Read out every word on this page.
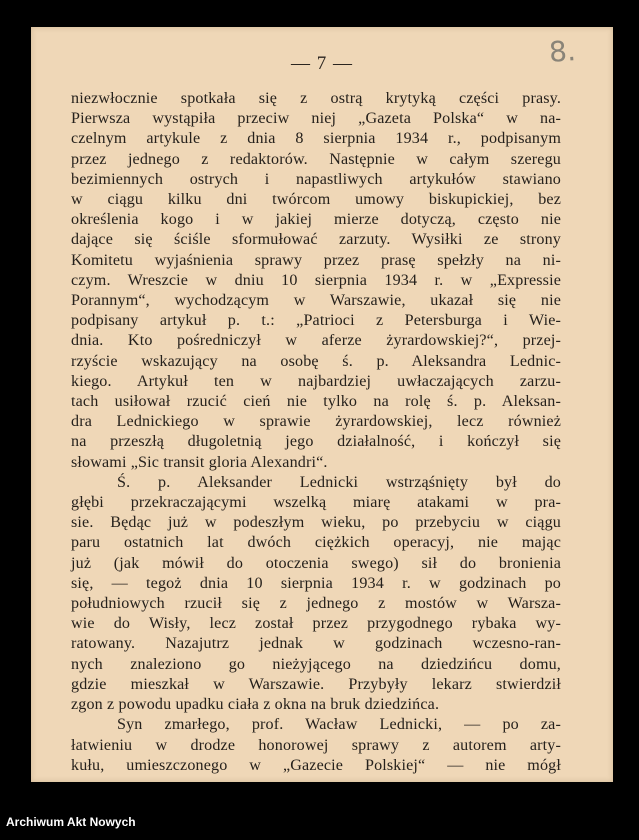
— 7 —	8.
niezwłocznie spotkała się z ostrą krytyką części prasy.
Pierwsza wystąpiła przeciw niej „Gazeta Polska“ w na-
czelnym artykule z dnia 8 sierpnia 1934 r., podpisanym
przez jednego z redaktorów. Następnie w całym szeregu
bezimiennych ostrych i napastliwych artykułów stawiano
w ciągu kilku dni twórcom umowy biskupickiej, bez
określenia kogo i w jakiej mierze dotyczą, często nie
dające się ściśle sformułować zarzuty. Wysiłki ze strony
Komitetu wyjaśnienia sprawy przez prasę spełzły na ni-
czym. Wreszcie w dniu 10 sierpnia 1934 r. w „Expressie
Porannym“, wychodzącym w Warszawie, ukazał się nie
podpisany artykuł p. t.: „Patrioci z Petersburga i Wie-
dnia. Kto pośredniczył w aferze żyrardowskiej?“, przej-
rzyście wskazujący na osobę ś. p. Aleksandra Lednic-
kiego. Artykuł ten w najbardziej uwłaczających zarzu-
tach usiłował rzucić cień nie tylko na rolę ś. p. Aleksan-
dra Lednickiego w sprawie żyrardowskiej, lecz również
na przeszłą długoletnią jego działalność, i kończył się
słowami „Sic transit gloria Alexandri“.
Ś. p. Aleksander Lednicki wstrząśnięty był do
głębi przekraczającymi wszelką miarę atakami w pra-
sie. Będąc już w podeszłym wieku, po przebyciu w ciągu
paru ostatnich lat dwóch ciężkich operacyj, nie mając
już (jak mówił do otoczenia swego) sił do bronienia
się, — tegoż dnia 10 sierpnia 1934 r. w godzinach po
południowych rzucił się z jednego z mostów w Warsza-
wie do Wisły, lecz został przez przygodnego rybaka wy-
ratowany. Nazajutrz jednak w godzinach wczesno-ran-
nych znaleziono go nieżyjącego na dziedzińcu domu,
gdzie mieszkał w Warszawie. Przybyły lekarz stwierdził
zgon z powodu upadku ciała z okna na bruk dziedzińca.
Syn zmarłego, prof. Wacław Lednicki, — po za-
łatwieniu w drodze honorowej sprawy z autorem arty-
kułu, umieszczonego w „Gazecie Polskiej“ — nie mógł
Archiwum Akt Nowych
